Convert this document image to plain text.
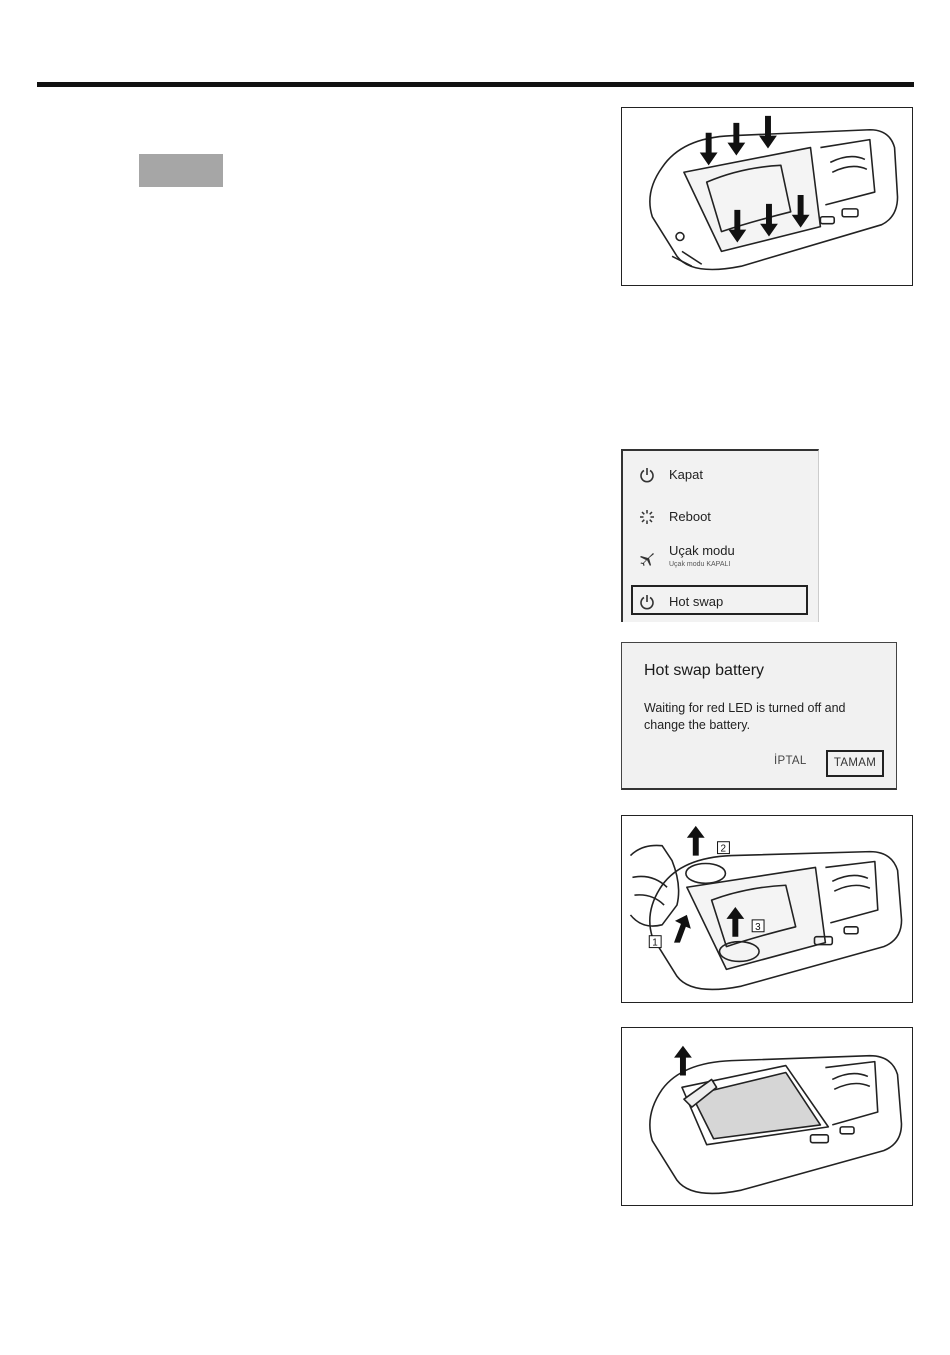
Kapat
Reboot
Uçak modu
Uçak modu KAPALI
Hot swap
Hot swap battery
Waiting for red LED is turned off and change the battery.
İPTAL	TAMAM
2
3
1
